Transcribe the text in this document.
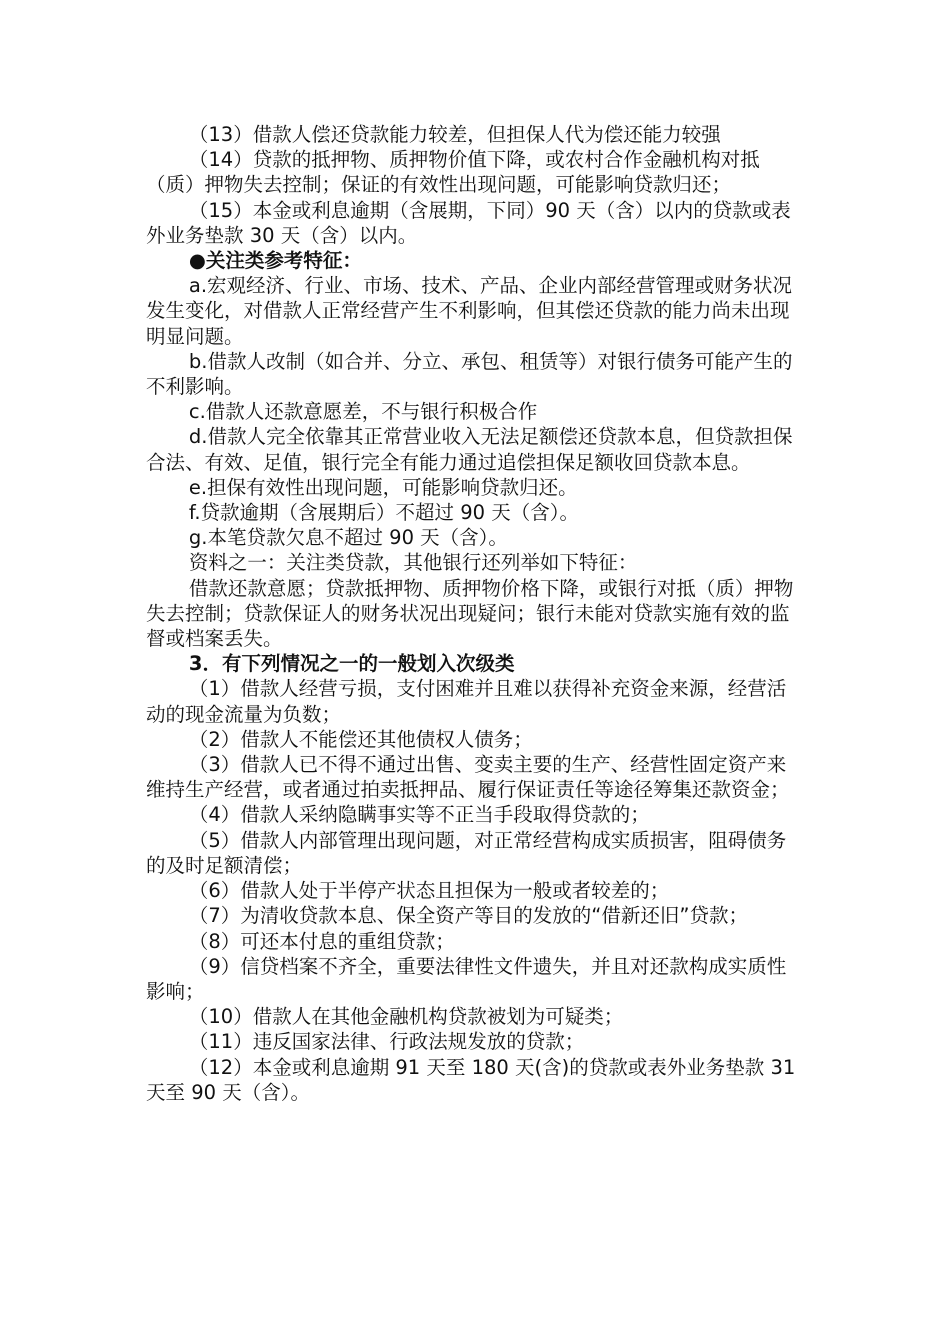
（13）借款人偿还贷款能力较差，但担保人代为偿还能力较强

（14）贷款的抵押物、质押物价值下降，或农村合作金融机构对抵（质）押物失去控制；保证的有效性出现问题，可能影响贷款归还；

（15）本金或利息逾期（含展期，下同）90 天（含）以内的贷款或表外业务垫款 30 天（含）以内。

●关注类参考特征：

a.宏观经济、行业、市场、技术、产品、企业内部经营管理或财务状况发生变化，对借款人正常经营产生不利影响，但其偿还贷款的能力尚未出现明显问题。

b.借款人改制（如合并、分立、承包、租赁等）对银行债务可能产生的不利影响。

c.借款人还款意愿差，不与银行积极合作

d.借款人完全依靠其正常营业收入无法足额偿还贷款本息，但贷款担保合法、有效、足值，银行完全有能力通过追偿担保足额收回贷款本息。

e.担保有效性出现问题，可能影响贷款归还。

f.贷款逾期（含展期后）不超过 90 天（含）。

g.本笔贷款欠息不超过 90 天（含）。

资料之一：关注类贷款，其他银行还列举如下特征：

借款还款意愿；贷款抵押物、质押物价格下降，或银行对抵（质）押物失去控制；贷款保证人的财务状况出现疑问；银行未能对贷款实施有效的监督或档案丢失。

3．有下列情况之一的一般划入次级类

（1）借款人经营亏损，支付困难并且难以获得补充资金来源，经营活动的现金流量为负数；

（2）借款人不能偿还其他债权人债务；

（3）借款人已不得不通过出售、变卖主要的生产、经营性固定资产来维持生产经营，或者通过拍卖抵押品、履行保证责任等途径筹集还款资金；

（4）借款人采纳隐瞒事实等不正当手段取得贷款的；

（5）借款人内部管理出现问题，对正常经营构成实质损害，阻碍债务的及时足额清偿；

（6）借款人处于半停产状态且担保为一般或者较差的；

（7）为清收贷款本息、保全资产等目的发放的“借新还旧”贷款；

（8）可还本付息的重组贷款；

（9）信贷档案不齐全，重要法律性文件遗失，并且对还款构成实质性影响；

（10）借款人在其他金融机构贷款被划为可疑类；

（11）违反国家法律、行政法规发放的贷款；

（12）本金或利息逾期 91 天至 180 天(含)的贷款或表外业务垫款 31 天至 90 天（含）。
